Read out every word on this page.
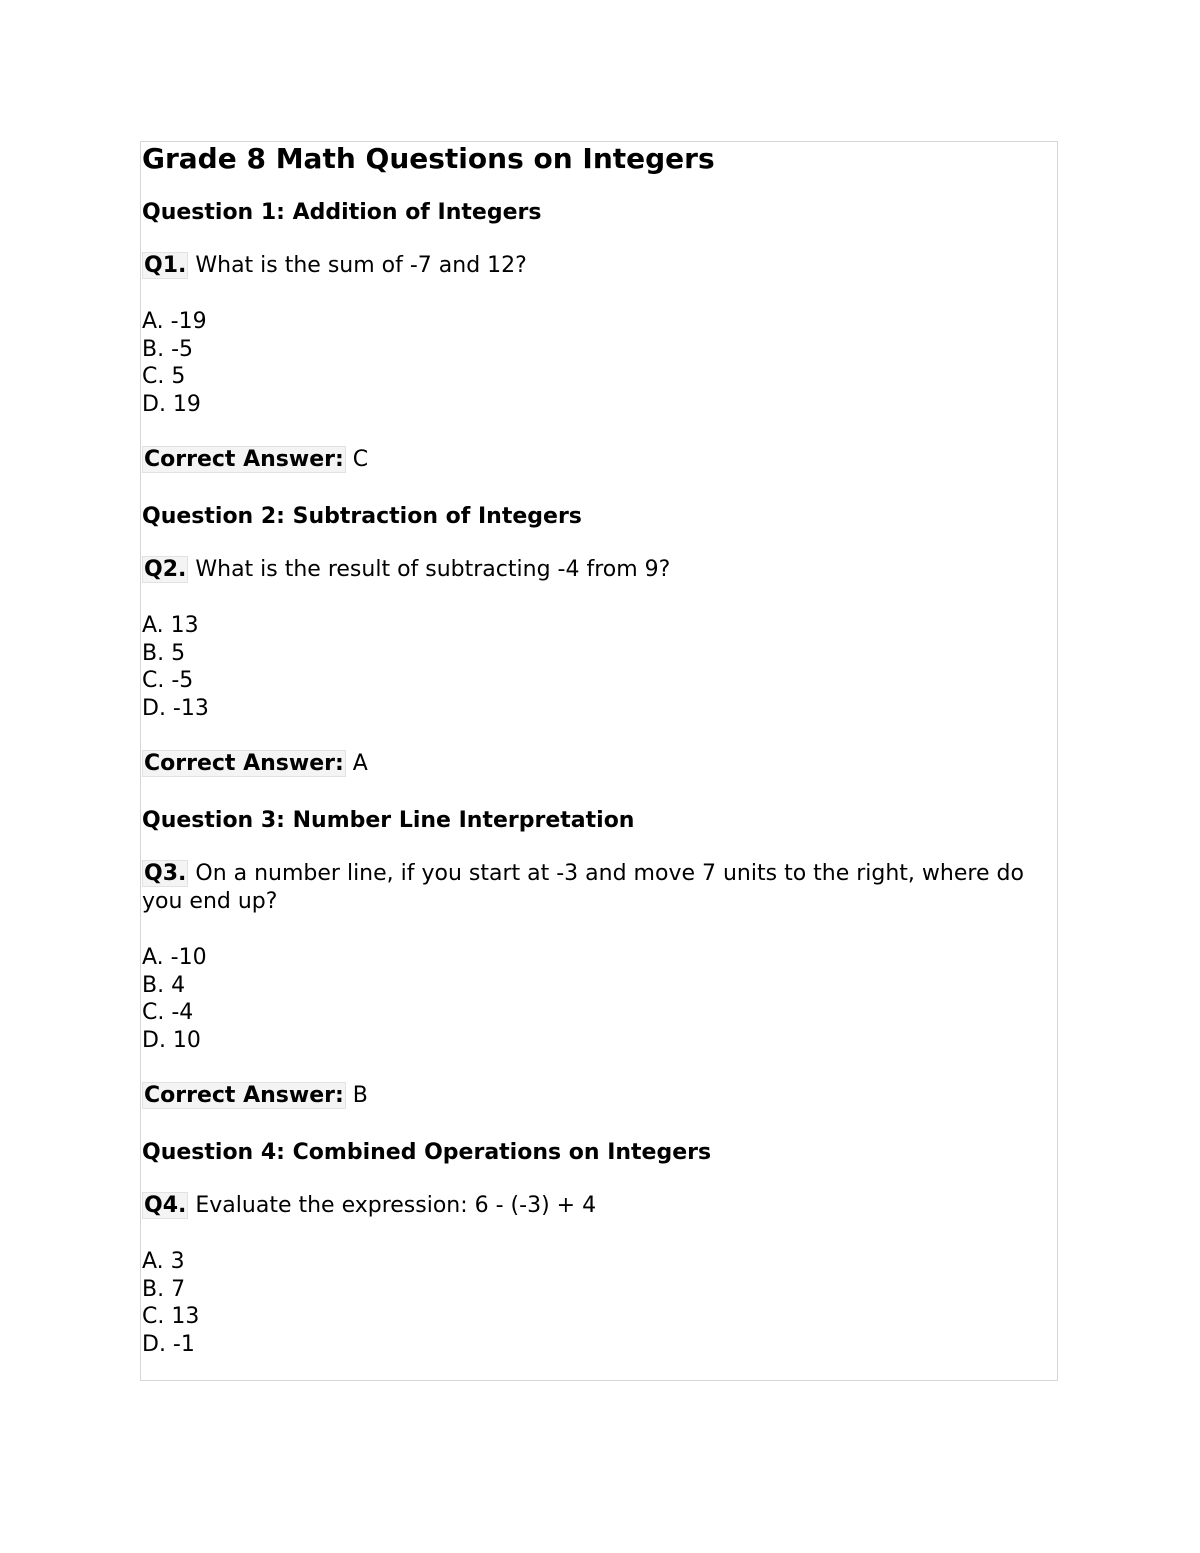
Grade 8 Math Questions on Integers
Question 1: Addition of Integers

Q1. What is the sum of -7 and 12?

A. -19
B. -5
C. 5
D. 19

Correct Answer: C

Question 2: Subtraction of Integers

Q2. What is the result of subtracting -4 from 9?

A. 13
B. 5
C. -5
D. -13

Correct Answer: A

Question 3: Number Line Interpretation

Q3. On a number line, if you start at -3 and move 7 units to the right, where do you end up?

A. -10
B. 4
C. -4
D. 10

Correct Answer: B

Question 4: Combined Operations on Integers

Q4. Evaluate the expression: 6 - (-3) + 4

A. 3
B. 7
C. 13
D. -1
